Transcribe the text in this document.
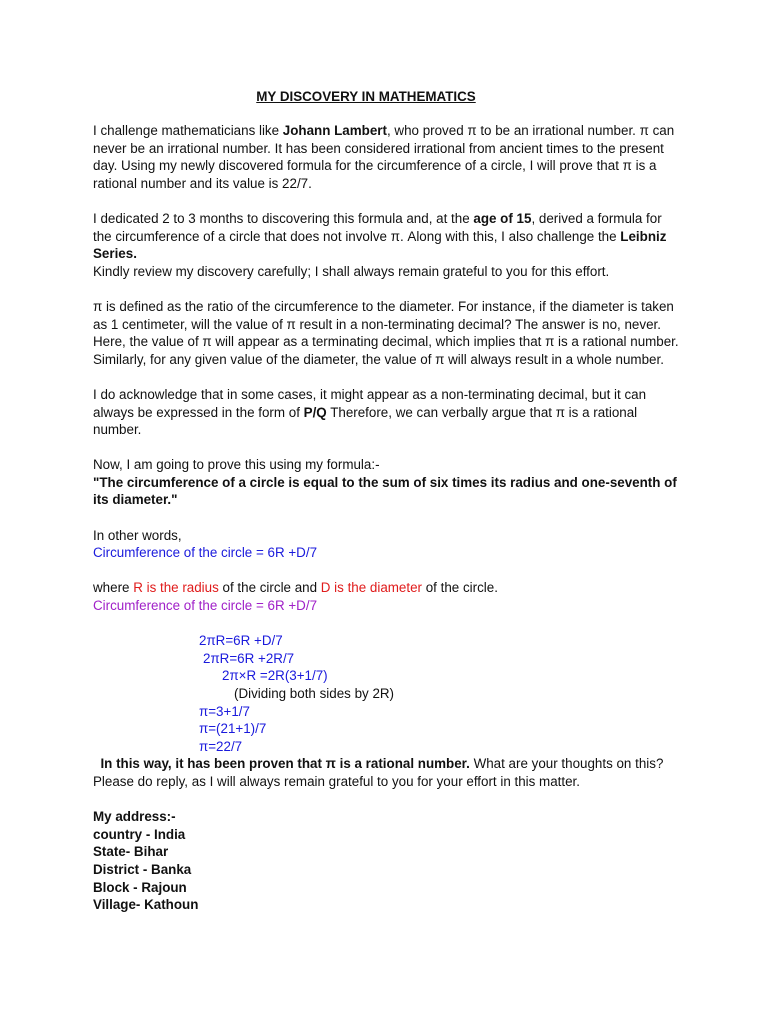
MY DISCOVERY IN MATHEMATICS

I challenge mathematicians like Johann Lambert, who proved π to be an irrational number. π can never be an irrational number. It has been considered irrational from ancient times to the present day. Using my newly discovered formula for the circumference of a circle, I will prove that π is a rational number and its value is 22/7.

I dedicated 2 to 3 months to discovering this formula and, at the age of 15, derived a formula for the circumference of a circle that does not involve π. Along with this, I also challenge the Leibniz Series.

Kindly review my discovery carefully; I shall always remain grateful to you for this effort.

π is defined as the ratio of the circumference to the diameter. For instance, if the diameter is taken as 1 centimeter, will the value of π result in a non-terminating decimal? The answer is no, never. Here, the value of π will appear as a terminating decimal, which implies that π is a rational number. Similarly, for any given value of the diameter, the value of π will always result in a whole number.

I do acknowledge that in some cases, it might appear as a non-terminating decimal, but it can always be expressed in the form of P/Q Therefore, we can verbally argue that π is a rational number.

Now, I am going to prove this using my formula:-

"The circumference of a circle is equal to the sum of six times its radius and one-seventh of its diameter."

In other words,

Circumference of the circle = 6R +D/7

where R is the radius of the circle and D is the diameter of the circle.

Circumference of the circle = 6R +D/7

2πR=6R +D/7

2πR=6R +2R/7

2π×R =2R(3+1/7)

(Dividing both sides by 2R)

π=3+1/7

π=(21+1)/7

π=22/7

In this way, it has been proven that π is a rational number. What are your thoughts on this? Please do reply, as I will always remain grateful to you for your effort in this matter.

My address:-

country - India

State- Bihar

District - Banka

Block - Rajoun

Village- Kathoun
